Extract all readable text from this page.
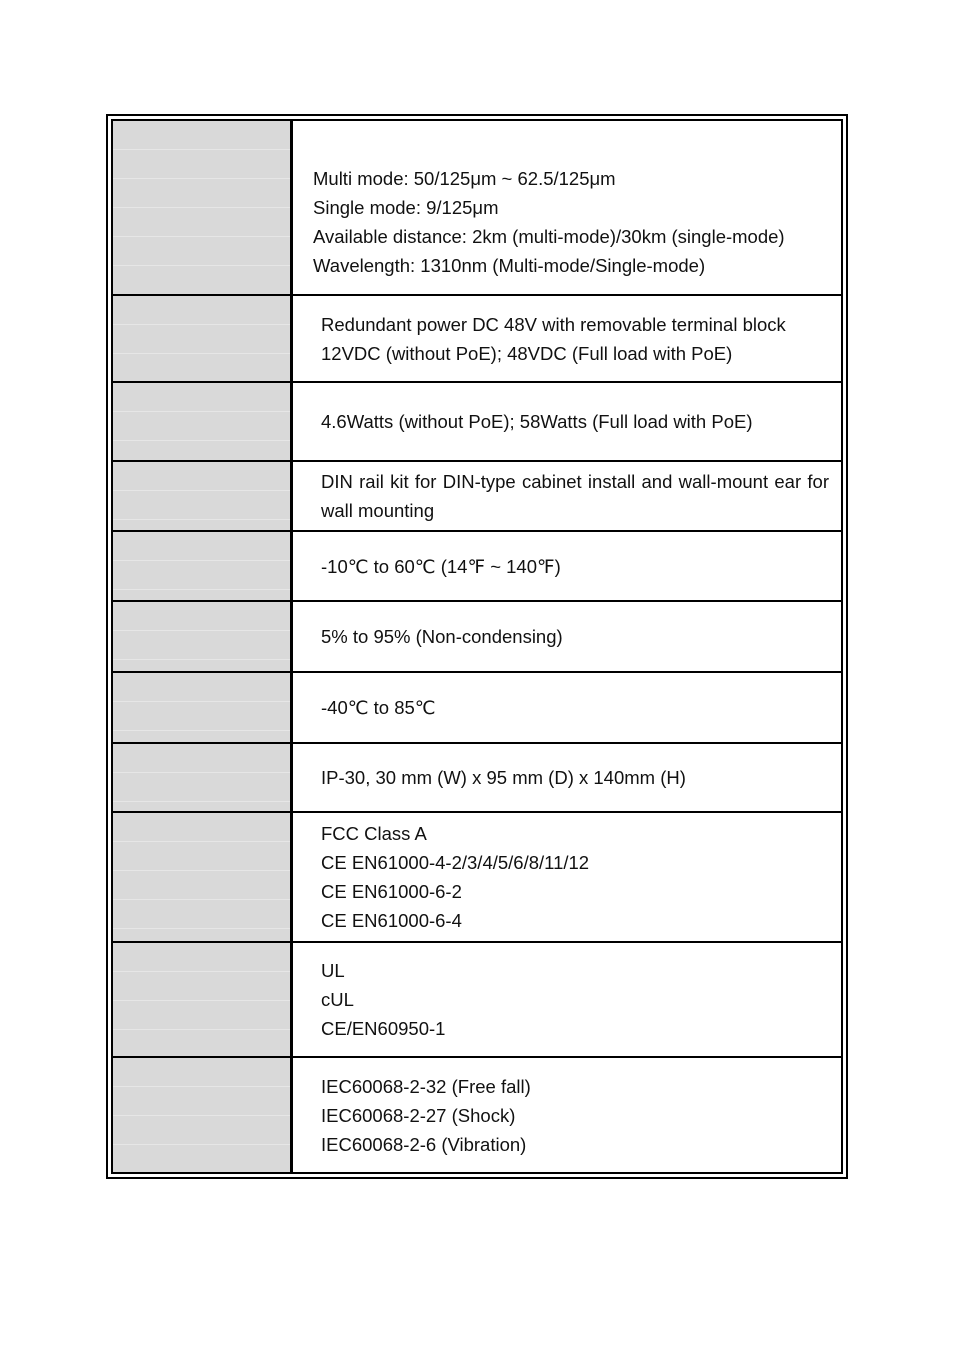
Multi mode: 50/125μm ~ 62.5/125μm
Single mode: 9/125μm
Available distance: 2km (multi-mode)/30km (single-mode)
Wavelength: 1310nm (Multi-mode/Single-mode)
Redundant power DC 48V with removable terminal block
12VDC (without PoE); 48VDC (Full load with PoE)
4.6Watts (without PoE); 58Watts (Full load with PoE)
DIN rail kit for DIN-type cabinet install and wall-mount ear for wall mounting
-10℃ to 60℃ (14℉ ~ 140℉)
5% to 95% (Non-condensing)
-40℃ to 85℃
IP-30, 30 mm (W) x 95 mm (D) x 140mm (H)
FCC Class A
CE EN61000-4-2/3/4/5/6/8/11/12
CE EN61000-6-2
CE EN61000-6-4
UL
cUL
CE/EN60950-1
IEC60068-2-32 (Free fall)
IEC60068-2-27 (Shock)
IEC60068-2-6 (Vibration)
